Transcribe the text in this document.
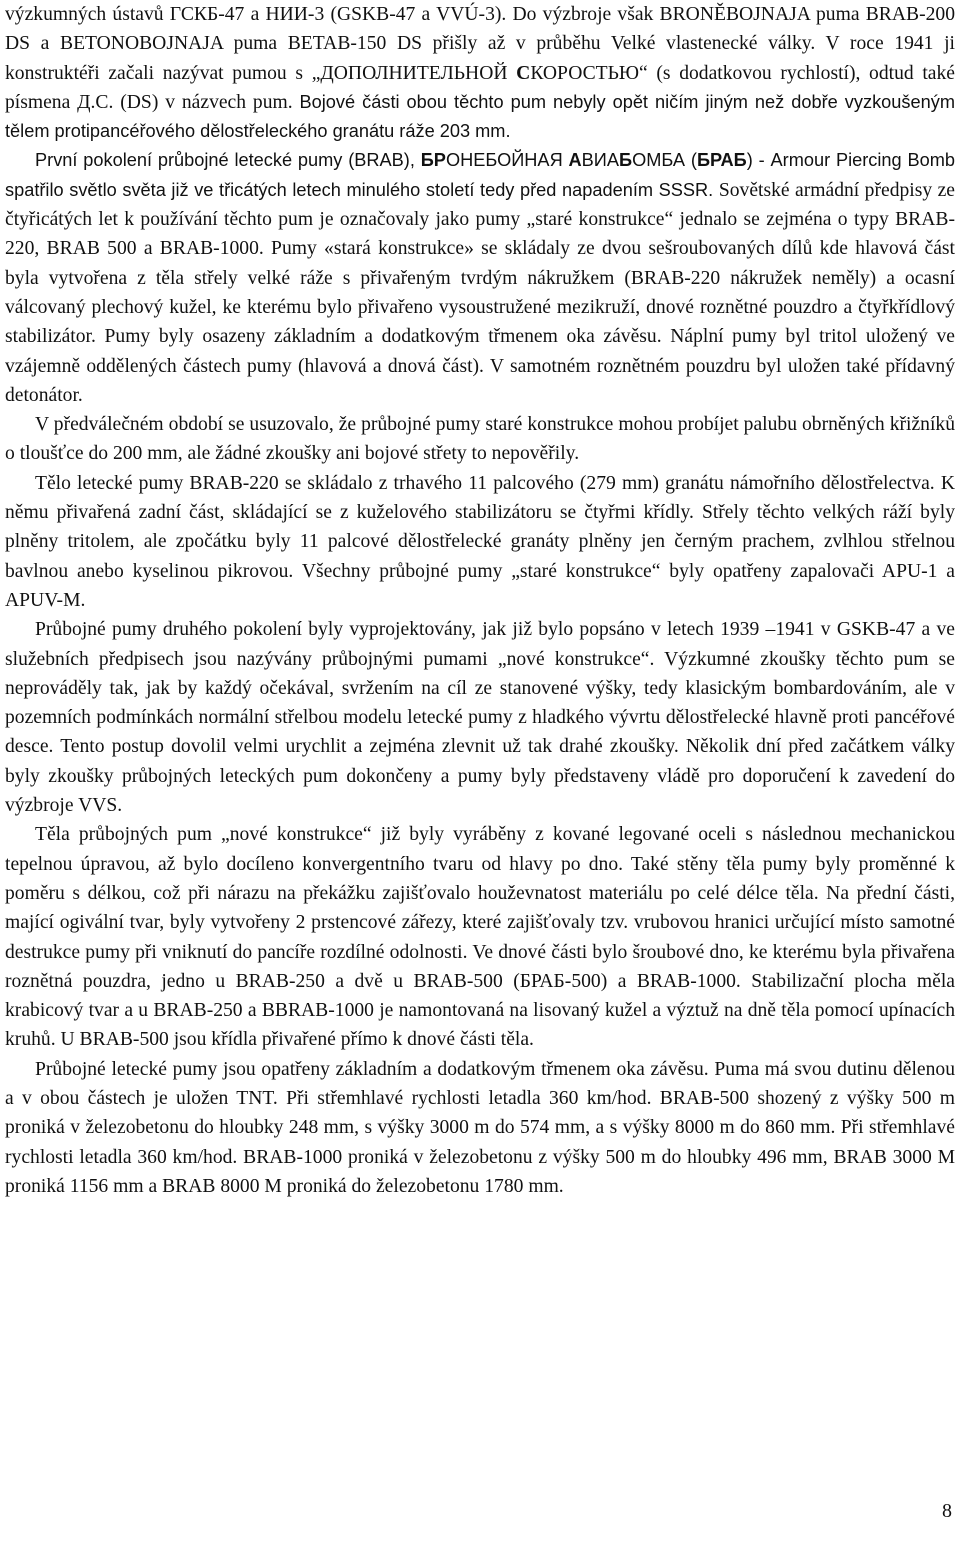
výzkumných ústavů ГСКБ-47 a НИИ-3 (GSKB-47 a VVÚ-3). Do výzbroje však BRONĚBOJNAJA puma BRAB-200 DS a BETONOBOJNAJA puma BETAB-150 DS přišly až v průběhu Velké vlastenecké války. V roce 1941 ji konstruktéři začali nazývat pumou s „ДОПОЛНИТЕЛЬНОЙ СКОРОСТЬЮ“ (s dodatkovou rychlostí), odtud také písmena Д.С. (DS) v názvech pum. Bojové části obou těchto pum nebyly opět ničím jiným než dobře vyzkoušeným tělem protipancéřového dělostřeleckého granátu ráže 203 mm.

První pokolení průbojné letecké pumy (BRAB), БРОНЕБОЙНАЯ АВИАБОМБА (БРАБ) - Armour Piercing Bomb spatřilo světlo světa již ve třicátých letech minulého století tedy před napadením SSSR. Sovětské armádní předpisy ze čtyřicátých let k používání těchto pum je označovaly jako pumy „staré konstrukce“ jednalo se zejména o typy BRAB-220, BRAB 500 a BRAB-1000. Pumy «stará konstrukce» se skládaly ze dvou sešroubovaných dílů kde hlavová část byla vytvořena z těla střely velké ráže s přivařeným tvrdým nákružkem (BRAB-220 nákružek neměly) a ocasní válcovaný plechový kužel, ke kterému bylo přivařeno vysoustružené mezikruží, dnové roznětné pouzdro a čtyřkřídlový stabilizátor. Pumy byly osazeny základním a dodatkovým třmenem oka závěsu. Náplní pumy byl tritol uložený ve vzájemně oddělených částech pumy (hlavová a dnová část). V samotném roznětném pouzdru byl uložen také přídavný detonátor.

V předválečném období se usuzovalo, že průbojné pumy staré konstrukce mohou probíjet palubu obrněných křižníků o tloušťce do 200 mm, ale žádné zkoušky ani bojové střety to nepověřily.

Tělo letecké pumy BRAB-220 se skládalo z trhavého 11 palcového (279 mm) granátu námořního dělostřelectva. K němu přivařená zadní část, skládající se z kuželového stabilizátoru se čtyřmi křídly. Střely těchto velkých ráží byly plněny tritolem, ale zpočátku byly 11 palcové dělostřelecké granáty plněny jen černým prachem, zvlhlou střelnou bavlnou anebo kyselinou pikrovou. Všechny průbojné pumy „staré konstrukce“ byly opatřeny zapalovači APU-1 a APUV-M.

Průbojné pumy druhého pokolení byly vyprojektovány, jak již bylo popsáno v letech 1939 –1941 v GSKB-47 a ve služebních předpisech jsou nazývány průbojnými pumami „nové konstrukce“. Výzkumné zkoušky těchto pum se neprováděly tak, jak by každý očekával, svržením na cíl ze stanovené výšky, tedy klasickým bombardováním, ale v pozemních podmínkách normální střelbou modelu letecké pumy z hladkého vývrtu dělostřelecké hlavně proti pancéřové desce. Tento postup dovolil velmi urychlit a zejména zlevnit už tak drahé zkoušky. Několik dní před začátkem války byly zkoušky průbojných leteckých pum dokončeny a pumy byly představeny vládě pro doporučení k zavedení do výzbroje VVS.

Těla průbojných pum „nové konstrukce“ již byly vyráběny z kované legované oceli s následnou mechanickou tepelnou úpravou, až bylo docíleno konvergentního tvaru od hlavy po dno. Také stěny těla pumy byly proměnné k poměru s délkou, což při nárazu na překážku zajišťovalo houževnatost materiálu po celé délce těla. Na přední části, mající ogivální tvar, byly vytvořeny 2 prstencové zářezy, které zajišťovaly tzv. vrubovou hranici určující místo samotné destrukce pumy při vniknutí do pancíře rozdílné odolnosti. Ve dnové části bylo šroubové dno, ke kterému byla přivařena roznětná pouzdra, jedno u BRAB-250 a dvě u BRAB-500 (БРАБ-500) a BRAB-1000. Stabilizační plocha měla krabicový tvar a u BRAB-250 a BBRAB-1000 je namontovaná na lisovaný kužel a výztuž na dně těla pomocí upínacích kruhů. U BRAB-500 jsou křídla přivařené přímo k dnové části těla.

Průbojné letecké pumy jsou opatřeny základním a dodatkovým třmenem oka závěsu. Puma má svou dutinu dělenou a v obou částech je uložen TNT. Při střemhlavé rychlosti letadla 360 km/hod. BRAB-500 shozený z výšky 500 m proniká v železobetonu do hloubky 248 mm, s výšky 3000 m do 574 mm, a s výšky 8000 m do 860 mm. Při střemhlavé rychlosti letadla 360 km/hod. BRAB-1000 proniká v železobetonu z výšky 500 m do hloubky 496 mm, BRAB 3000 M proniká 1156 mm a BRAB 8000 M proniká do železobetonu 1780 mm.

8
